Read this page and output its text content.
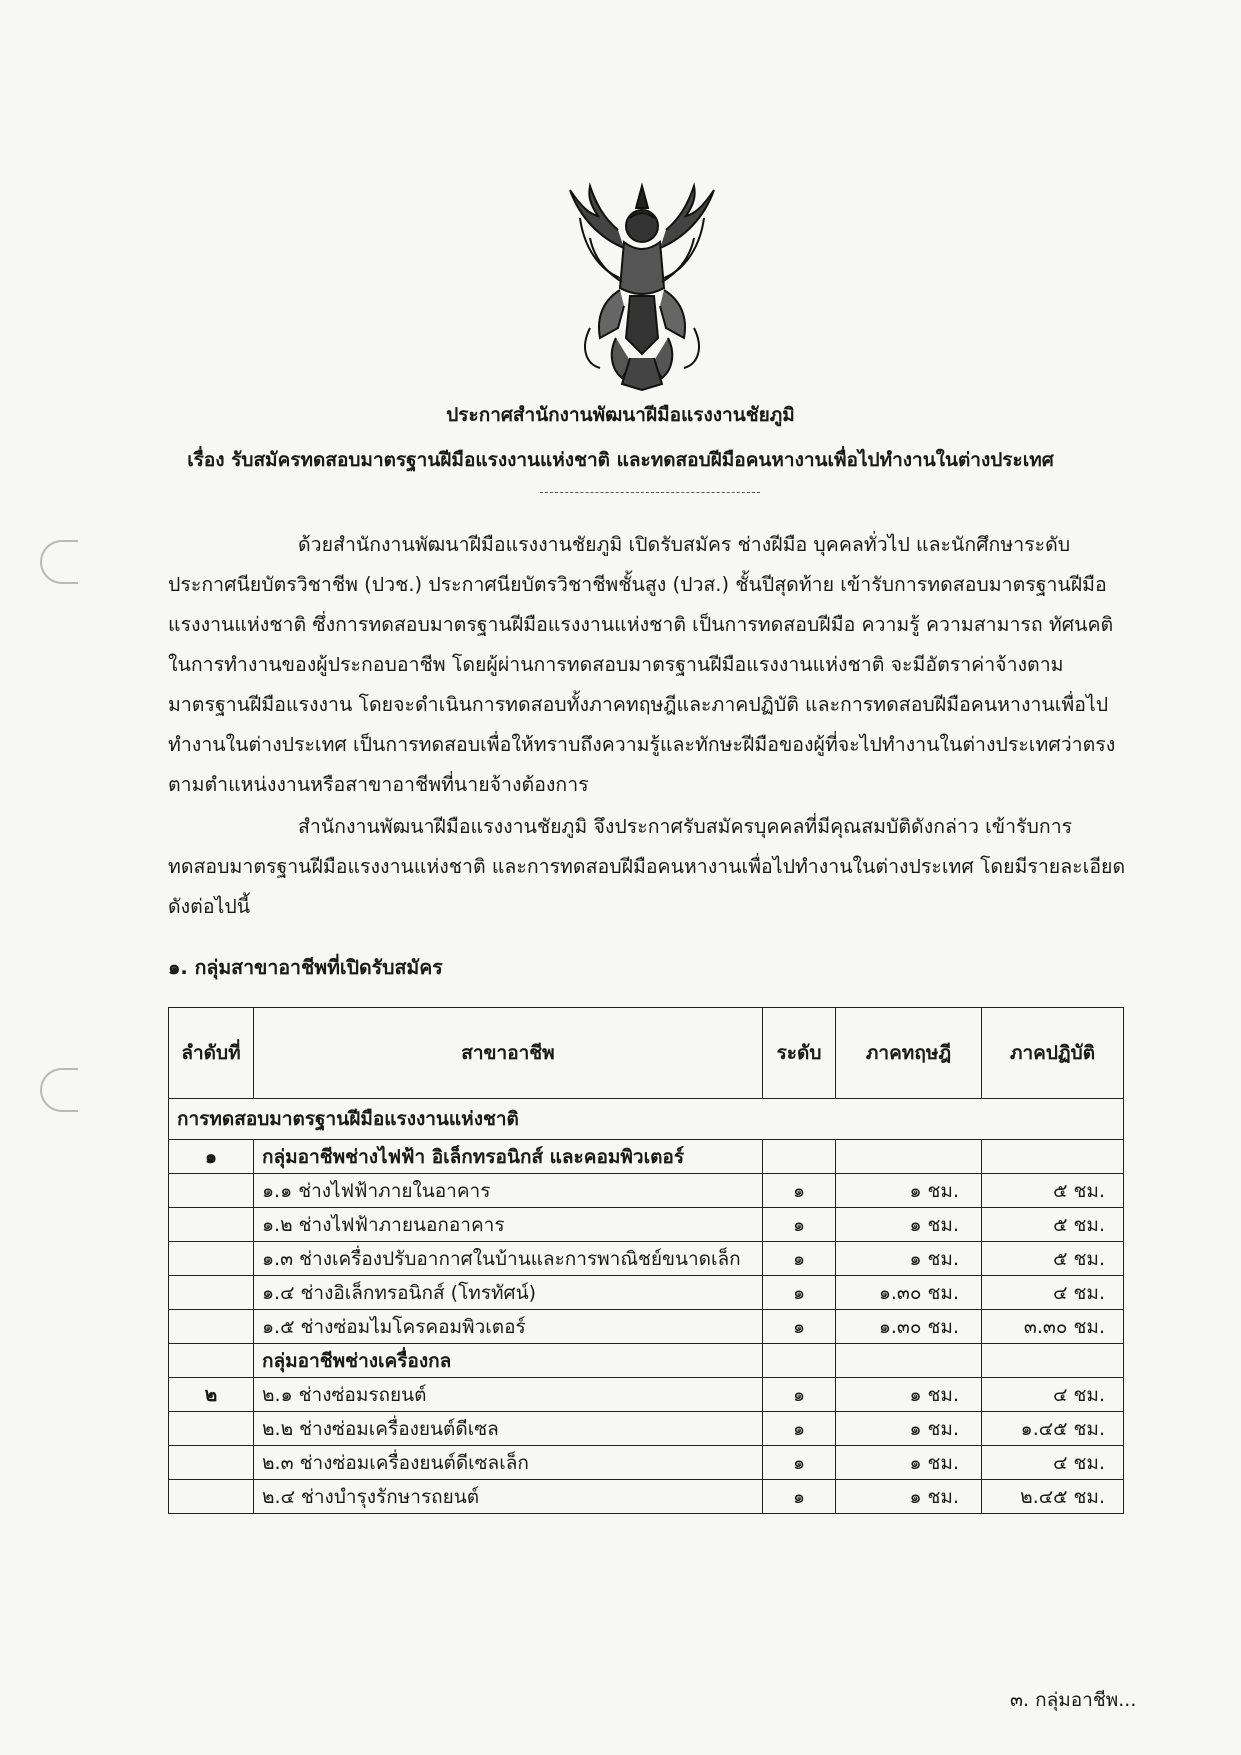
ประกาศสำนักงานพัฒนาฝีมือแรงงานชัยภูมิ
เรื่อง รับสมัครทดสอบมาตรฐานฝีมือแรงงานแห่งชาติ และทดสอบฝีมือคนหางานเพื่อไปทำงานในต่างประเทศ
ด้วยสำนักงานพัฒนาฝีมือแรงงานชัยภูมิ เปิดรับสมัคร ช่างฝีมือ บุคคลทั่วไป และนักศึกษาระดับประกาศนียบัตรวิชาชีพ (ปวช.) ประกาศนียบัตรวิชาชีพชั้นสูง (ปวส.) ชั้นปีสุดท้าย เข้ารับการทดสอบมาตรฐานฝีมือแรงงานแห่งชาติ ซึ่งการทดสอบมาตรฐานฝีมือแรงงานแห่งชาติ เป็นการทดสอบฝีมือ ความรู้ ความสามารถ ทัศนคติในการทำงานของผู้ประกอบอาชีพ โดยผู้ผ่านการทดสอบมาตรฐานฝีมือแรงงานแห่งชาติ จะมีอัตราค่าจ้างตามมาตรฐานฝีมือแรงงาน โดยจะดำเนินการทดสอบทั้งภาคทฤษฎีและภาคปฏิบัติ และการทดสอบฝีมือคนหางานเพื่อไปทำงานในต่างประเทศ เป็นการทดสอบเพื่อให้ทราบถึงความรู้และทักษะฝีมือของผู้ที่จะไปทำงานในต่างประเทศว่าตรงตามตำแหน่งงานหรือสาขาอาชีพที่นายจ้างต้องการ
สำนักงานพัฒนาฝีมือแรงงานชัยภูมิ จึงประกาศรับสมัครบุคคลที่มีคุณสมบัติดังกล่าว เข้ารับการทดสอบมาตรฐานฝีมือแรงงานแห่งชาติ และการทดสอบฝีมือคนหางานเพื่อไปทำงานในต่างประเทศ โดยมีรายละเอียดดังต่อไปนี้
๑. กลุ่มสาขาอาชีพที่เปิดรับสมัคร
ลำดับที่	สาขาอาชีพ	ระดับ	ภาคทฤษฎี	ภาคปฏิบัติ
การทดสอบมาตรฐานฝีมือแรงงานแห่งชาติ				
๑	กลุ่มอาชีพช่างไฟฟ้า อิเล็กทรอนิกส์ และคอมพิวเตอร์			
	๑.๑ ช่างไฟฟ้าภายในอาคาร	๑	๑ ชม.	๕ ชม.
	๑.๒ ช่างไฟฟ้าภายนอกอาคาร	๑	๑ ชม.	๕ ชม.
	๑.๓ ช่างเครื่องปรับอากาศในบ้านและการพาณิชย์ขนาดเล็ก	๑	๑ ชม.	๕ ชม.
	๑.๔ ช่างอิเล็กทรอนิกส์ (โทรทัศน์)	๑	๑.๓๐ ชม.	๔ ชม.
	๑.๕ ช่างซ่อมไมโครคอมพิวเตอร์	๑	๑.๓๐ ชม.	๓.๓๐ ชม.
	กลุ่มอาชีพช่างเครื่องกล			
๒	๒.๑ ช่างซ่อมรถยนต์	๑	๑ ชม.	๔ ชม.
	๒.๒ ช่างซ่อมเครื่องยนต์ดีเซล	๑	๑ ชม.	๑.๔๕ ชม.
	๒.๓ ช่างซ่อมเครื่องยนต์ดีเซลเล็ก	๑	๑ ชม.	๔ ชม.
	๒.๔ ช่างบำรุงรักษารถยนต์	๑	๑ ชม.	๒.๔๕ ชม.
๓. กลุ่มอาชีพ...
